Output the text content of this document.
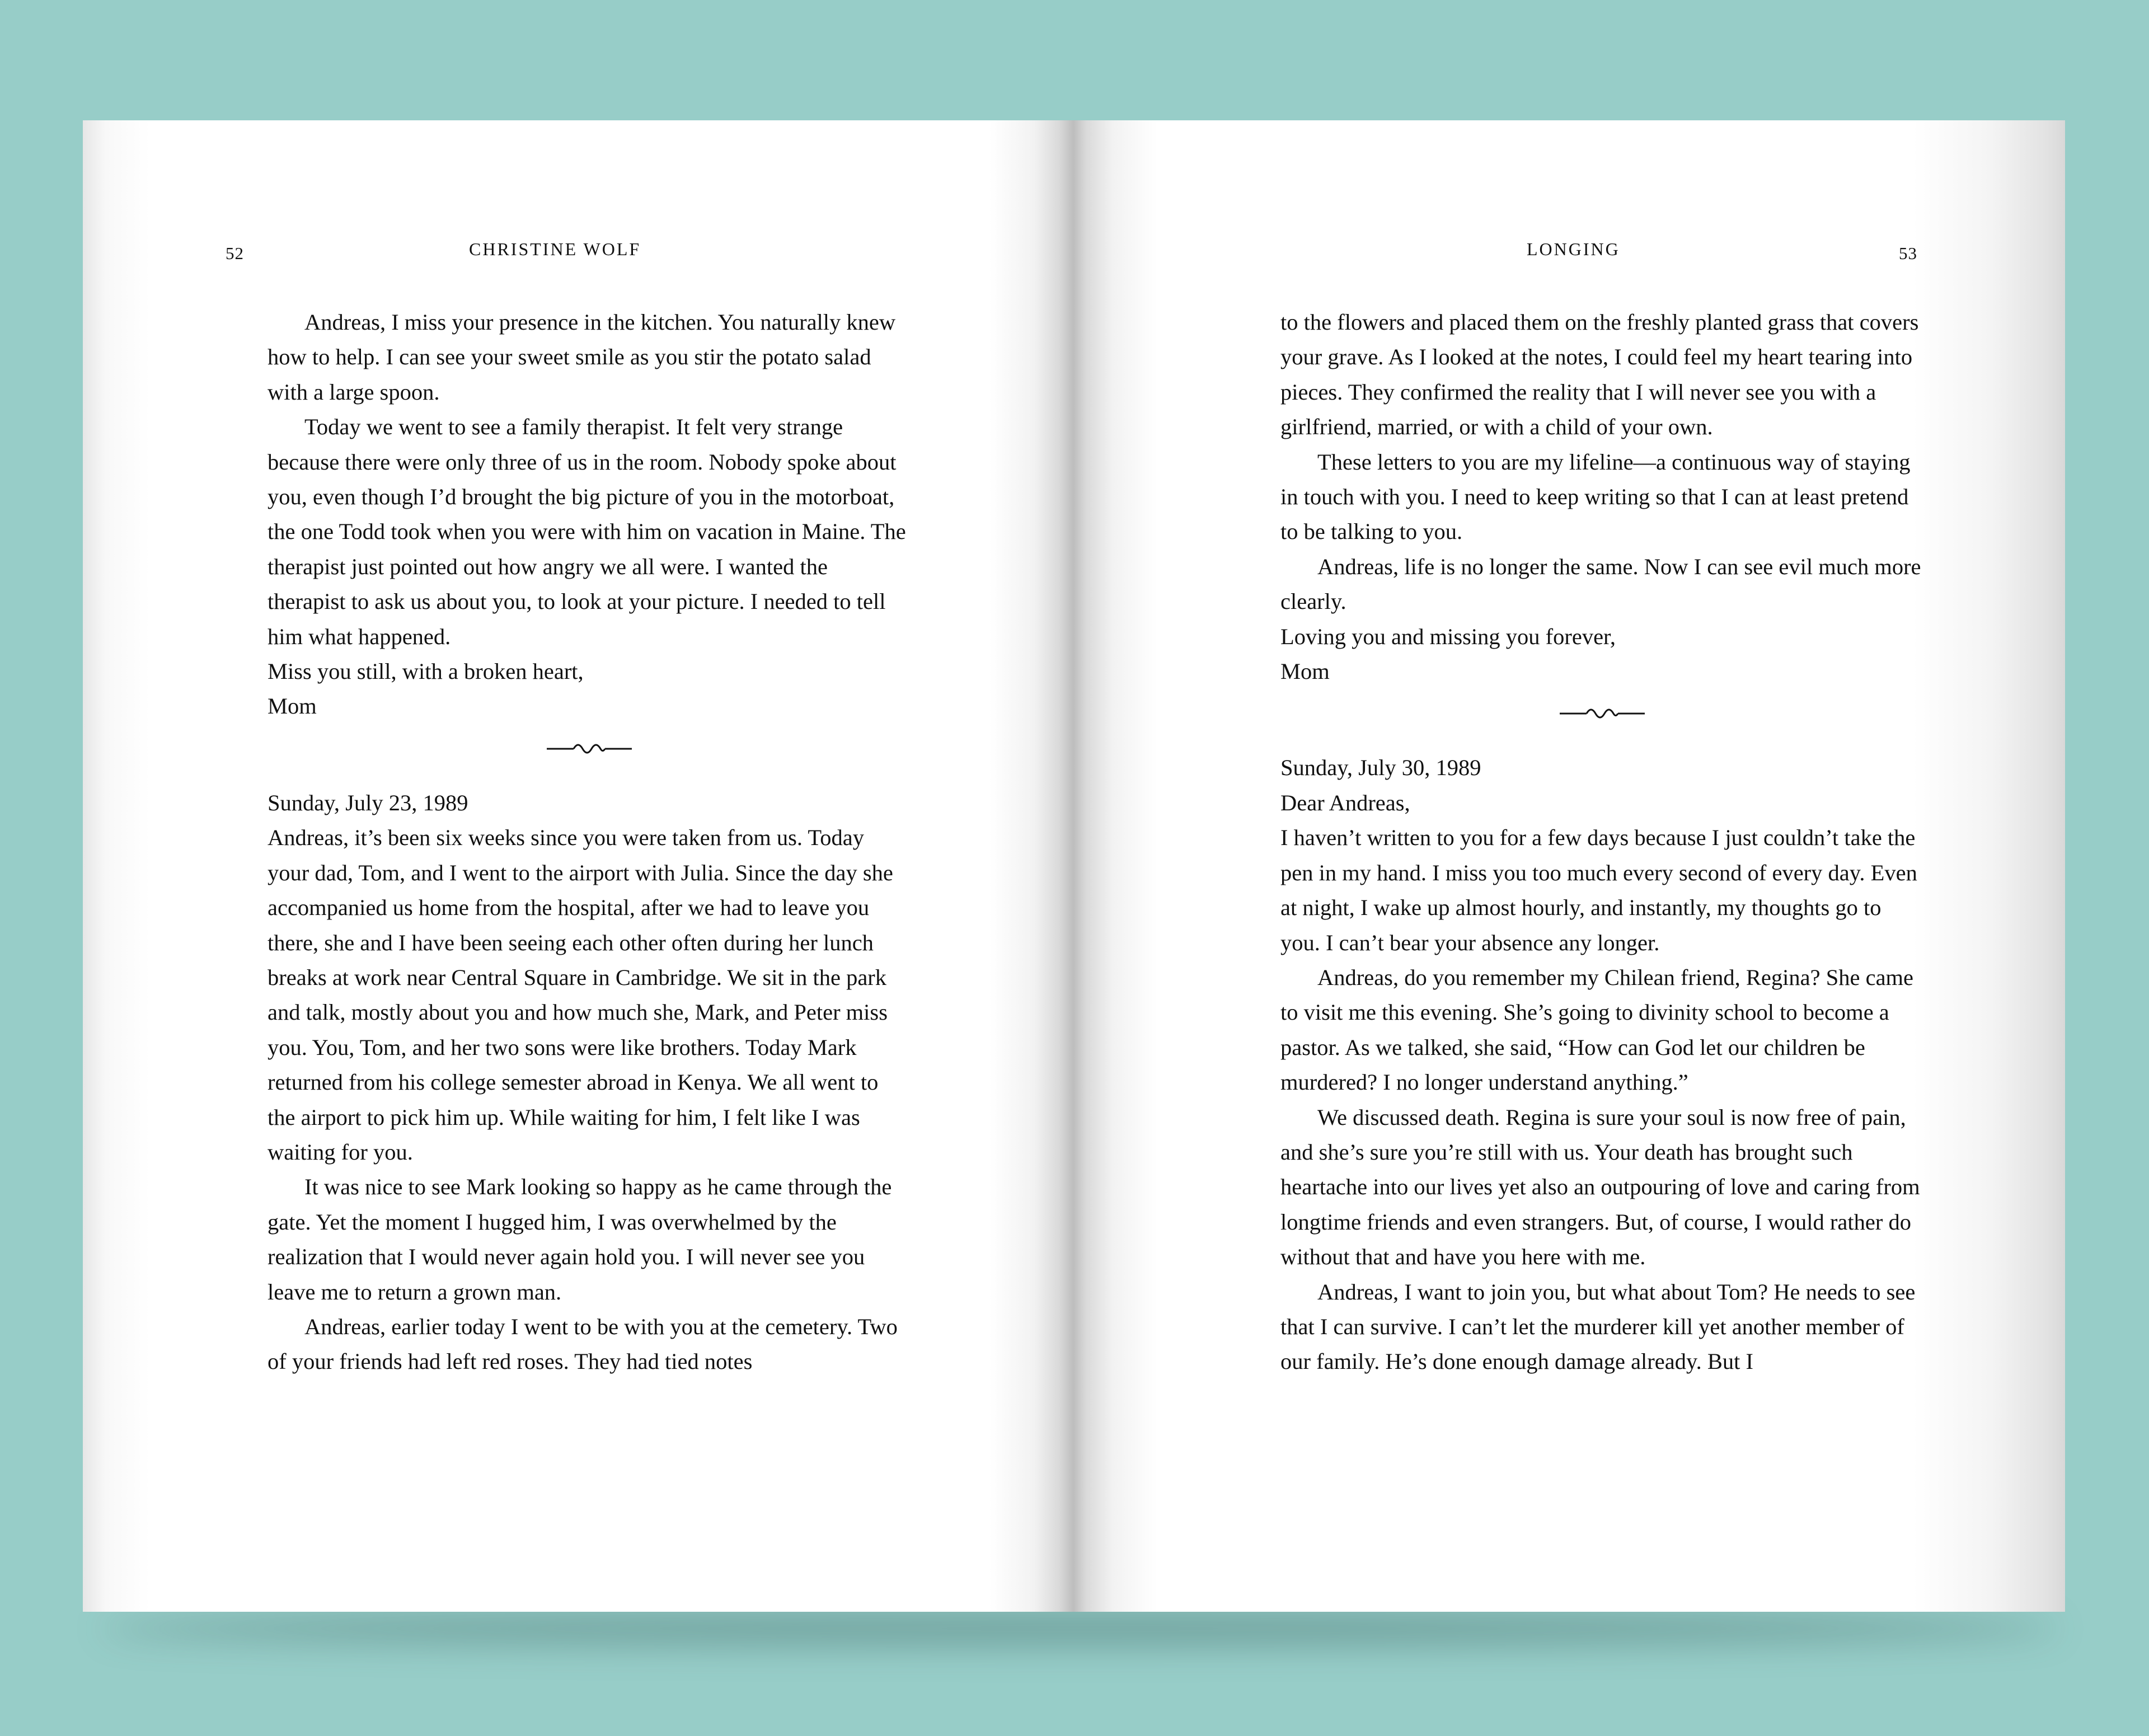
52	CHRISTINE WOLF

Andreas, I miss your presence in the kitchen. You naturally knew how to help. I can see your sweet smile as you stir the potato salad with a large spoon.

Today we went to see a family therapist. It felt very strange because there were only three of us in the room. Nobody spoke about you, even though I’d brought the big picture of you in the motorboat, the one Todd took when you were with him on vacation in Maine. The therapist just pointed out how angry we all were. I wanted the therapist to ask us about you, to look at your picture. I needed to tell him what happened.

Miss you still, with a broken heart,

Mom

Sunday, July 23, 1989

Andreas, it’s been six weeks since you were taken from us. Today your dad, Tom, and I went to the airport with Julia. Since the day she accompanied us home from the hospital, after we had to leave you there, she and I have been seeing each other often during her lunch breaks at work near Central Square in Cambridge. We sit in the park and talk, mostly about you and how much she, Mark, and Peter miss you. You, Tom, and her two sons were like brothers. Today Mark returned from his college semester abroad in Kenya. We all went to the airport to pick him up. While waiting for him, I felt like I was waiting for you.

It was nice to see Mark looking so happy as he came through the gate. Yet the moment I hugged him, I was overwhelmed by the realization that I would never again hold you. I will never see you leave me to return a grown man.

Andreas, earlier today I went to be with you at the cemetery. Two of your friends had left red roses. They had tied notes

LONGING	53

to the flowers and placed them on the freshly planted grass that covers your grave. As I looked at the notes, I could feel my heart tearing into pieces. They confirmed the reality that I will never see you with a girlfriend, married, or with a child of your own.

These letters to you are my lifeline—a continuous way of staying in touch with you. I need to keep writing so that I can at least pretend to be talking to you.

Andreas, life is no longer the same. Now I can see evil much more clearly.

Loving you and missing you forever,

Mom

Sunday, July 30, 1989

Dear Andreas,

I haven’t written to you for a few days because I just couldn’t take the pen in my hand. I miss you too much every second of every day. Even at night, I wake up almost hourly, and instantly, my thoughts go to you. I can’t bear your absence any longer.

Andreas, do you remember my Chilean friend, Regina? She came to visit me this evening. She’s going to divinity school to become a pastor. As we talked, she said, “How can God let our children be murdered? I no longer understand anything.”

We discussed death. Regina is sure your soul is now free of pain, and she’s sure you’re still with us. Your death has brought such heartache into our lives yet also an outpouring of love and caring from longtime friends and even strangers. But, of course, I would rather do without that and have you here with me.

Andreas, I want to join you, but what about Tom? He needs to see that I can survive. I can’t let the murderer kill yet another member of our family. He’s done enough damage already. But I
